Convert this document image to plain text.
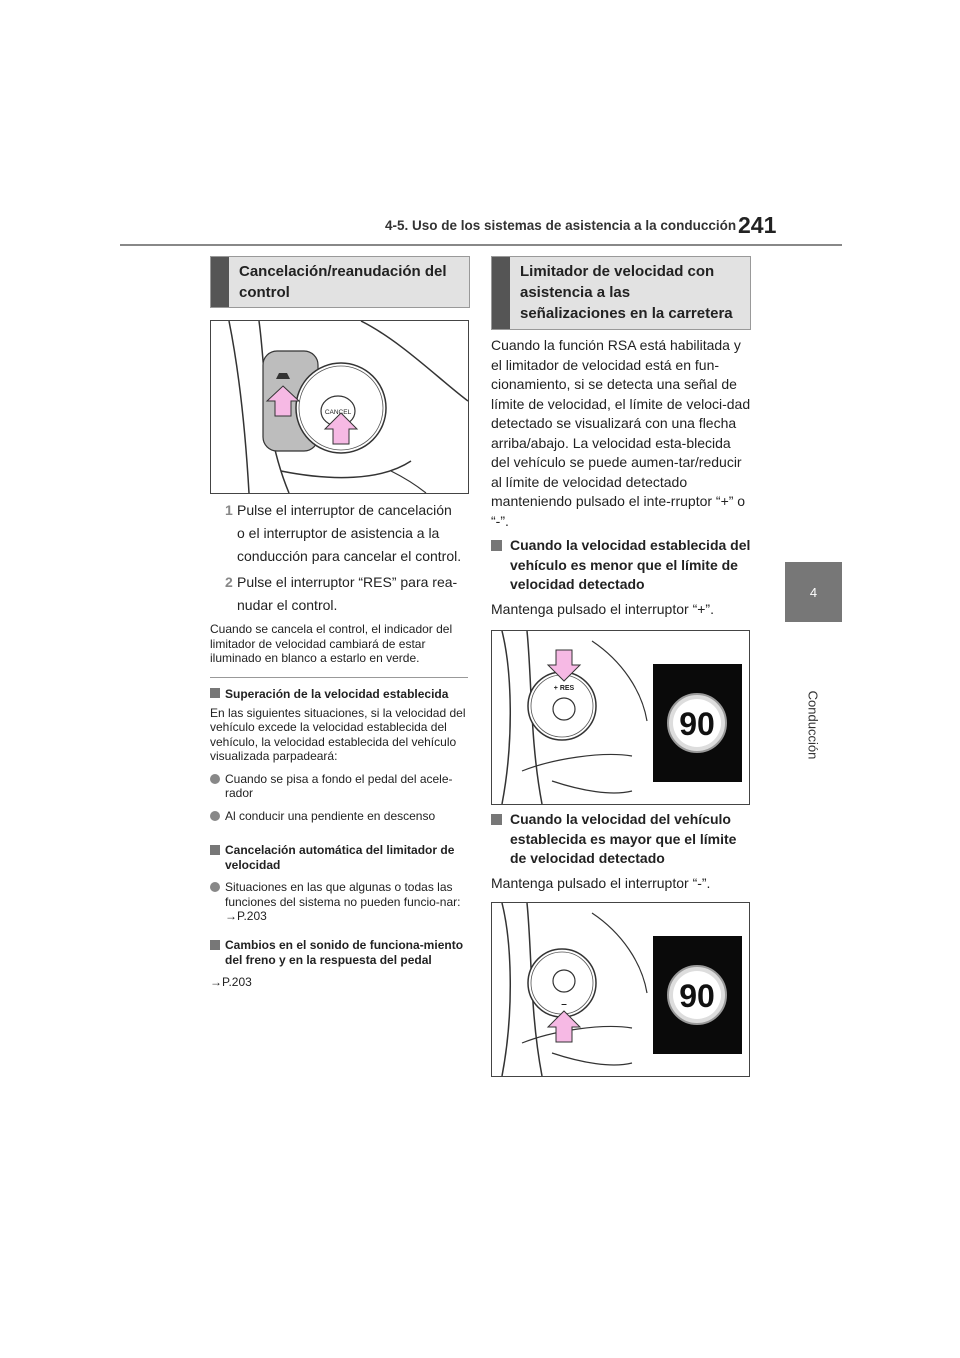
4-5. Uso de los sistemas de asistencia a la conducción 241
4
Conducción
Cancelación/reanudación del control
CANCEL
1 Pulse el interruptor de cancelación
o el interruptor de asistencia a la
conducción para cancelar el control.
2 Pulse el interruptor “RES” para rea-
nudar el control.
Cuando se cancela el control, el indicador del limitador de velocidad cambiará de estar iluminado en blanco a estarlo en verde.
Superación de la velocidad establecida
En las siguientes situaciones, si la velocidad del vehículo excede la velocidad establecida del vehículo, la velocidad establecida del vehículo visualizada parpadeará:
Cuando se pisa a fondo el pedal del acele-rador
Al conducir una pendiente en descenso
Cancelación automática del limitador de velocidad
Situaciones en las que algunas o todas las funciones del sistema no pueden funcio-nar: →P.203
Cambios en el sonido de funciona-miento del freno y en la respuesta del pedal
→P.203
Limitador de velocidad con asistencia a las señalizaciones en la carretera
Cuando la función RSA está habilitada y el limitador de velocidad está en fun-cionamiento, si se detecta una señal de límite de velocidad, el límite de veloci-dad detectado se visualizará con una flecha arriba/abajo. La velocidad esta-blecida del vehículo se puede aumen-tar/reducir al límite de velocidad detectado manteniendo pulsado el inte-rruptor “+” o “-”.
Cuando la velocidad establecida del vehículo es menor que el límite de velocidad detectado
Mantenga pulsado el interruptor “+”.
+ RES
90
Cuando la velocidad del vehículo establecida es mayor que el límite de velocidad detectado
Mantenga pulsado el interruptor “-”.
–	90
